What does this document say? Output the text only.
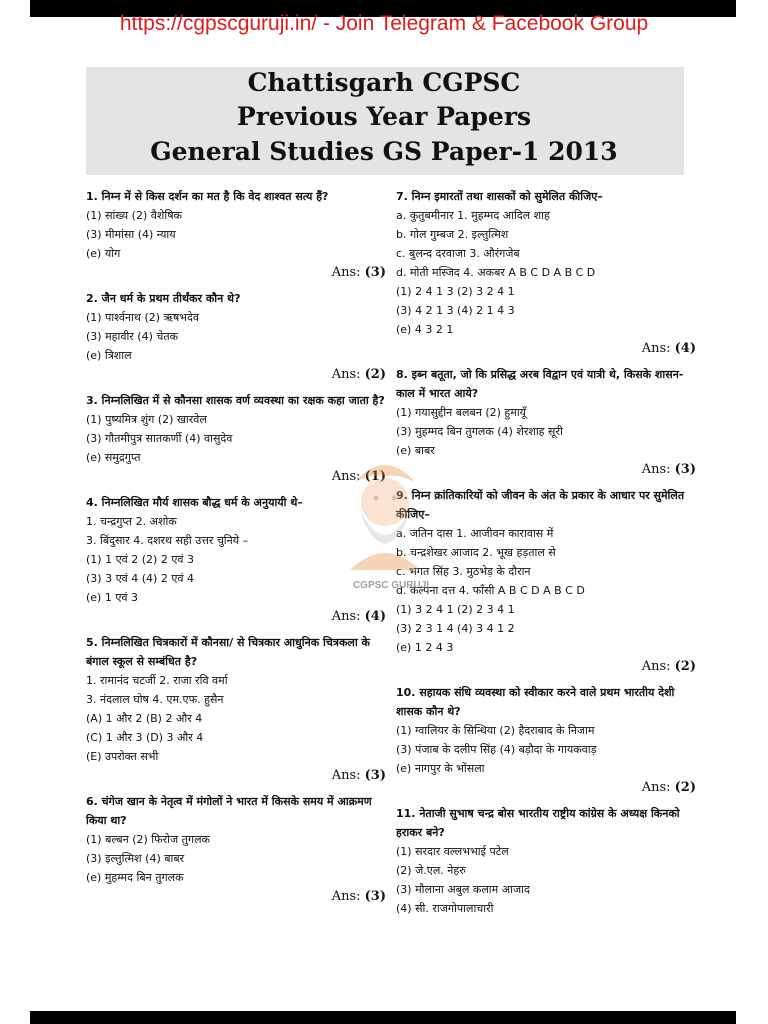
https://cgpscguruji.in/ - Join Telegram & Facebook Group
Chattisgarh CGPSC
Previous Year Papers
General Studies GS Paper-1 2013
1. निम्न में से किस दर्शन का मत है कि वेद शाश्वत सत्य हैं?
(1) सांख्य (2) वैशेषिक
(3) मीमांसा (4) न्याय
(e) योग
Ans: (3)
2. जैन धर्म के प्रथम तीर्थंकर कौन थे?
(1) पार्श्वनाथ (2) ऋषभदेव
(3) महावीर (4) चेतक
(e) त्रिशाल
Ans: (2)
3. निम्नलिखित में से कौनसा शासक वर्ण व्यवस्था का रक्षक कहा जाता है?
(1) पुष्यमित्र शुंग (2) खारवेल
(3) गौतमीपुत्र सातकर्णी (4) वासुदेव
(e) समुद्रगुप्त
Ans: (1)
4. निम्नलिखित मौर्य शासक बौद्ध धर्म के अनुयायी थे–
1. चन्द्रगुप्त 2. अशोक
3. बिंदुसार 4. दशरथ सही उत्तर चुनिये –
(1) 1 एवं 2 (2) 2 एवं 3
(3) 3 एवं 4 (4) 2 एवं 4
(e) 1 एवं 3
Ans: (4)
5. निम्नलिखित चित्रकारों में कौनसा/ से चित्रकार आधुनिक चित्रकला के बंगाल स्कूल से सम्बंधित है?
1. रामानंद चटर्जी 2. राजा रवि वर्मा
3. नंदलाल घोष 4. एम.एफ. हुसैन
(A) 1 और 2 (B) 2 और 4
(C) 1 और 3 (D) 3 और 4
(E) उपरोक्त सभी
Ans: (3)
6. चंगेज खान के नेतृत्व में मंगोलों ने भारत में किसके समय में आक्रमण किया था?
(1) बल्बन (2) फिरोज तुगलक
(3) इल्तुत्मिश (4) बाबर
(e) मुहम्मद बिन तुगलक
Ans: (3)
7. निम्न इमारतों तथा शासकों को सुमेलित कीजिए–
a. कुतुबमीनार 1. मुहम्मद आदिल शाह
b. गोल गुम्बज 2. इल्तुत्मिश
c. बुलन्द दरवाजा 3. औरंगजेब
d. मोती मस्जिद 4. अकबर A B C D A B C D
(1) 2 4 1 3 (2) 3 2 4 1
(3) 4 2 1 3 (4) 2 1 4 3
(e) 4 3 2 1
Ans: (4)
8. इब्न बतूता, जो कि प्रसिद्ध अरब विद्वान एवं यात्री थे, किसके शासन-काल में भारत आये?
(1) गयासुद्दीन बलबन (2) हुमायूँ
(3) मुहम्मद बिन तुगलक (4) शेरशाह सूरी
(e) बाबर
Ans: (3)
9. निम्न क्रांतिकारियों को जीवन के अंत के प्रकार के आधार पर सुमेलित कीजिए–
a. जतिन दास 1. आजीवन कारावास में
b. चन्द्रशेखर आजाद 2. भूख हड़ताल से
c. भगत सिंह 3. मुठभेड़ के दौरान
d. कल्पना दत्त 4. फाँसी A B C D A B C D
(1) 3 2 4 1 (2) 2 3 4 1
(3) 2 3 1 4 (4) 3 4 1 2
(e) 1 2 4 3
Ans: (2)
10. सहायक संधि व्यवस्था को स्वीकार करने वाले प्रथम भारतीय देशी शासक कौन थे?
(1) ग्वालियर के सिन्धिया (2) हैदराबाद के निजाम
(3) पंजाब के दलीप सिंह (4) बड़ौदा के गायकवाड़
(e) नागपुर के भोंसला
Ans: (2)
11. नेताजी सुभाष चन्द्र बोस भारतीय राष्ट्रीय कांग्रेस के अध्यक्ष किनको हराकर बने?
(1) सरदार वल्लभभाई पटेल
(2) जे.एल. नेहरु
(3) मौलाना अबुल कलाम आजाद
(4) सी. राजगोपालाचारी
CGPSC GURUJI
